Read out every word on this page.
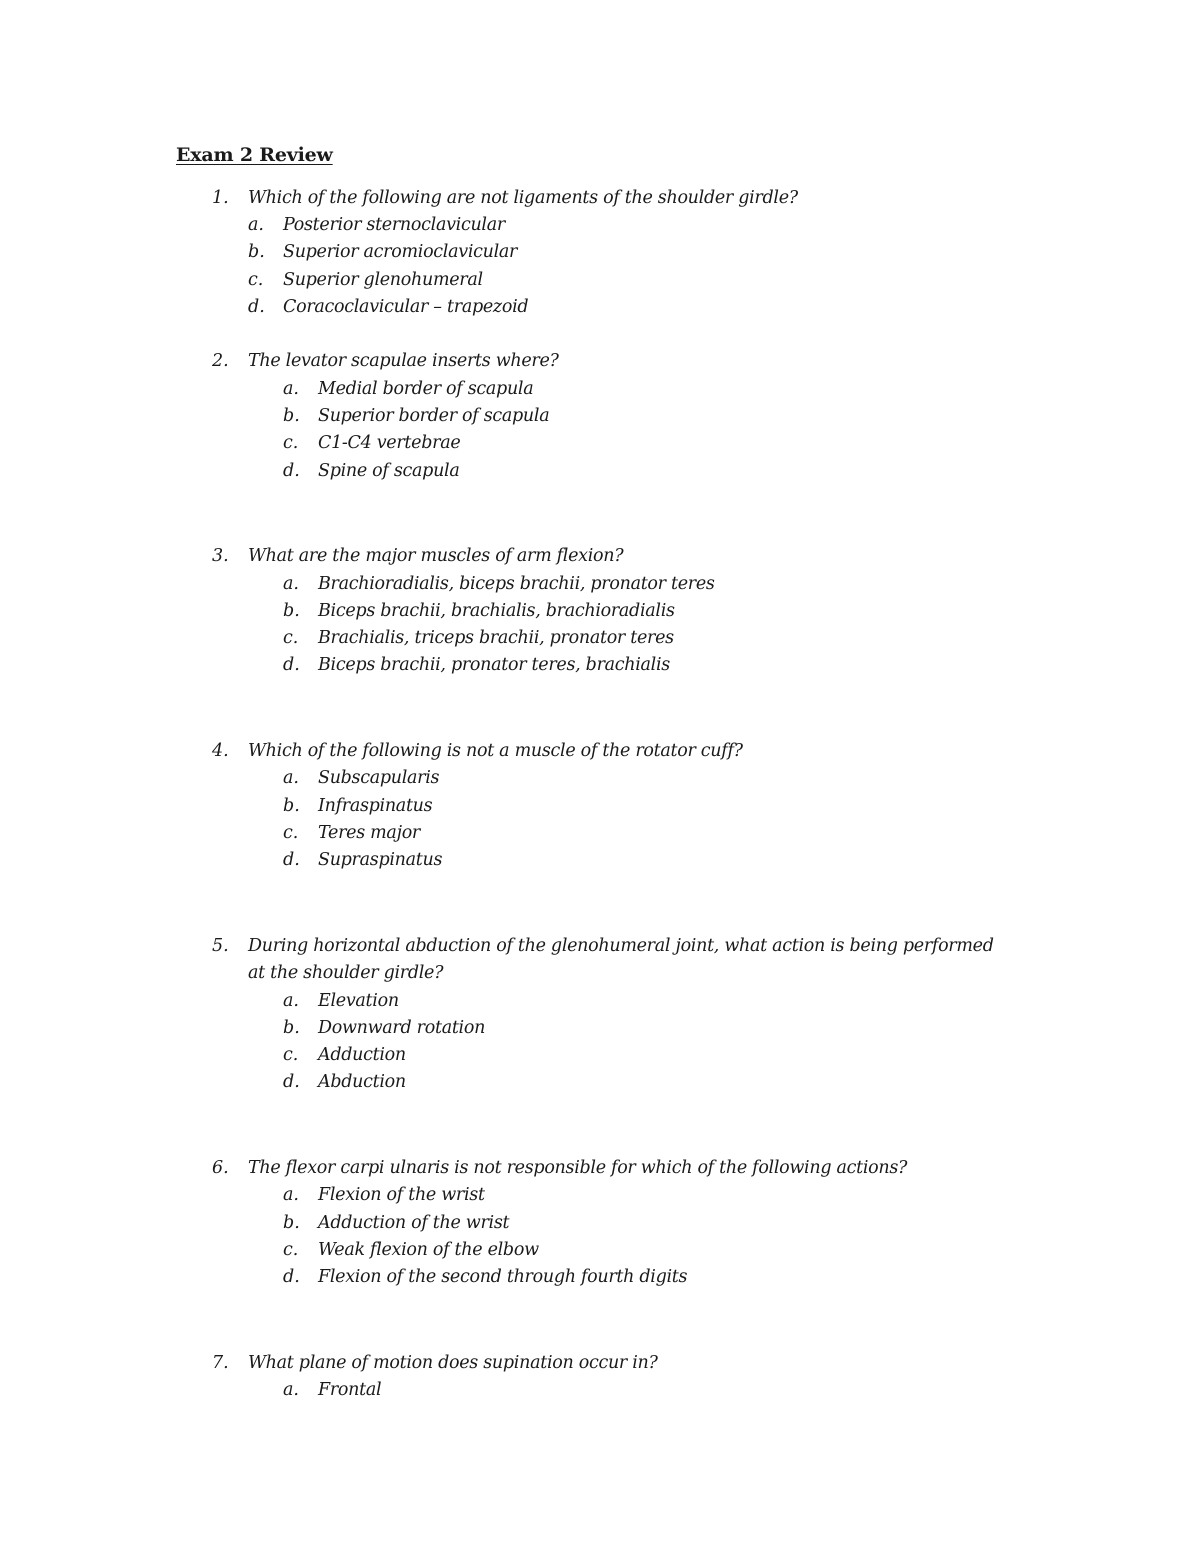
Exam 2 Review
1. Which of the following are not ligaments of the shoulder girdle?
a. Posterior sternoclavicular
b. Superior acromioclavicular
c. Superior glenohumeral
d. Coracoclavicular – trapezoid
2. The levator scapulae inserts where?
a. Medial border of scapula
b. Superior border of scapula
c. C1-C4 vertebrae
d. Spine of scapula
3. What are the major muscles of arm flexion?
a. Brachioradialis, biceps brachii, pronator teres
b. Biceps brachii, brachialis, brachioradialis
c. Brachialis, triceps brachii, pronator teres
d. Biceps brachii, pronator teres, brachialis
4. Which of the following is not a muscle of the rotator cuff?
a. Subscapularis
b. Infraspinatus
c. Teres major
d. Supraspinatus
5. During horizontal abduction of the glenohumeral joint, what action is being performed
at the shoulder girdle?
a. Elevation
b. Downward rotation
c. Adduction
d. Abduction
6. The flexor carpi ulnaris is not responsible for which of the following actions?
a. Flexion of the wrist
b. Adduction of the wrist
c. Weak flexion of the elbow
d. Flexion of the second through fourth digits
7. What plane of motion does supination occur in?
a. Frontal
